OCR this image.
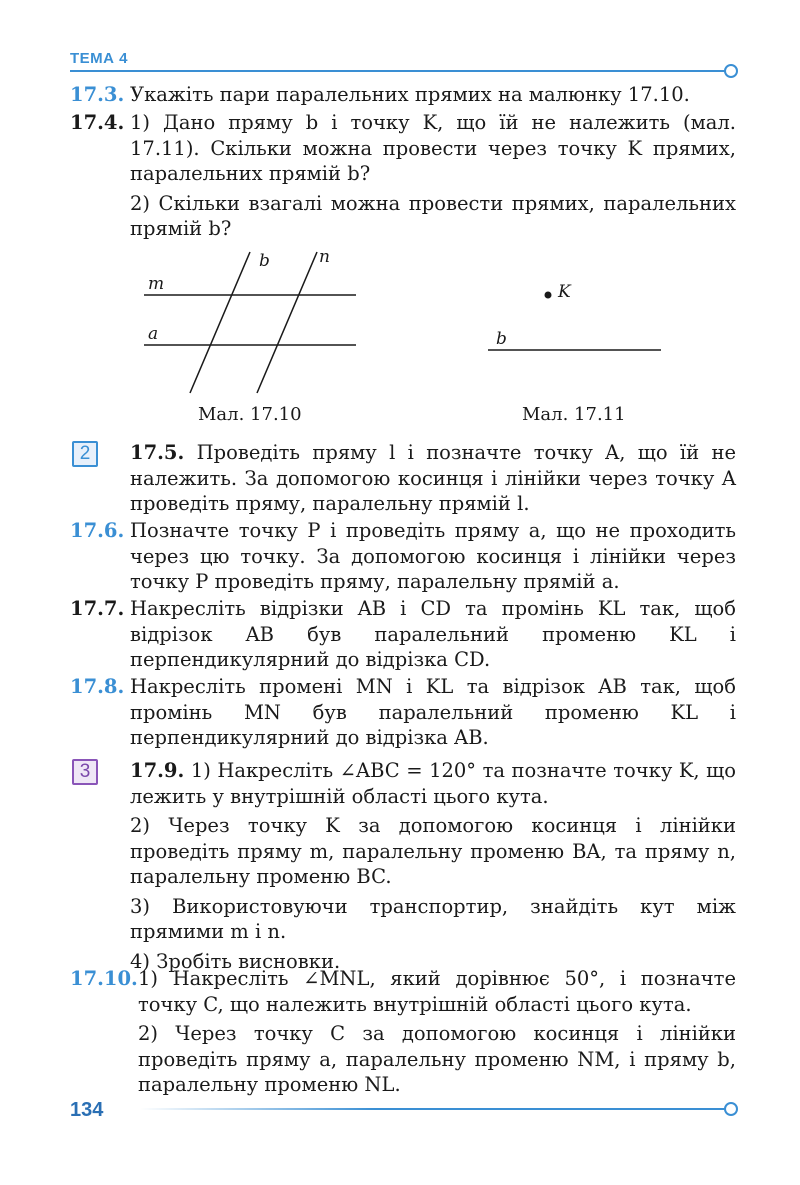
ТЕМА 4
17.3. Укажіть пари паралельних прямих на малюнку 17.10.

17.4. 1) Дано пряму b і точку K, що їй не належить (мал. 17.11). Скільки можна провести через точку K прямих, паралельних прямій b?

2) Скільки взагалі можна провести прямих, паралельних прямій b?

m
a
b	n
Мал. 17.10
K
b
Мал. 17.11
2	17.5. Проведіть пряму l і позначте точку A, що їй не належить. За допомогою косинця і лінійки через точку A проведіть пряму, паралельну прямій l.

17.6. Позначте точку P і проведіть пряму a, що не проходить через цю точку. За допомогою косинця і лінійки через точку P проведіть пряму, паралельну прямій a.

17.7. Накресліть відрізки AB і CD та промінь KL так, щоб відрізок AB був паралельний променю KL і перпендикулярний до відрізка CD.

17.8. Накресліть промені MN і KL та відрізок AB так, щоб промінь MN був паралельний променю KL і перпендикулярний до відрізка AB.

3	17.9. 1) Накресліть ∠ABC = 120° та позначте точку K, що лежить у внутрішній області цього кута.

2) Через точку K за допомогою косинця і лінійки проведіть пряму m, паралельну променю BA, та пряму n, паралельну променю BC.

3) Використовуючи транспортир, знайдіть кут між прямими m і n.

4) Зробіть висновки.

17.10. 1) Накресліть ∠MNL, який дорівнює 50°, і позначте точку C, що належить внутрішній області цього кута.

2) Через точку C за допомогою косинця і лінійки проведіть пряму a, паралельну променю NM, і пряму b, паралельну променю NL.

134
